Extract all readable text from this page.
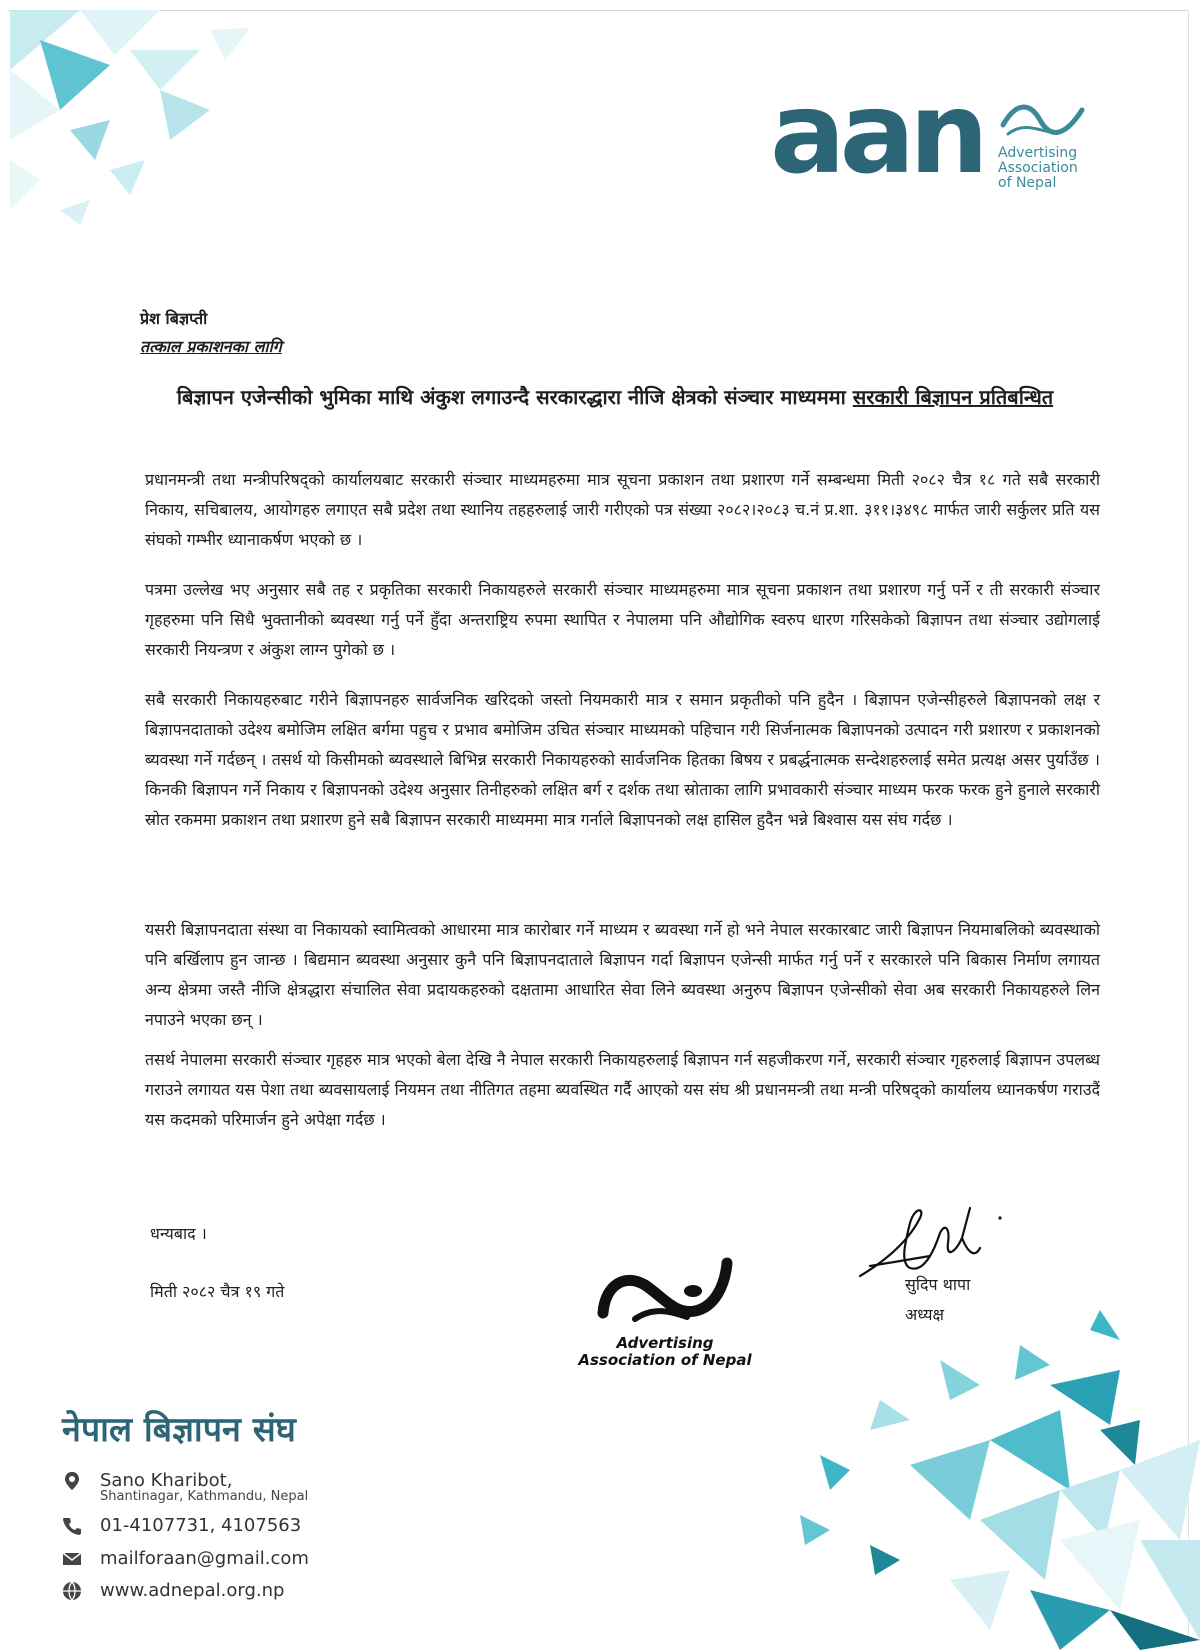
aan Advertising
Association
of Nepal
प्रेश बिज्ञप्ती
तत्काल प्रकाशनका लागि
बिज्ञापन एजेन्सीको भुमिका माथि अंकुश लगाउन्दै सरकारद्धारा नीजि क्षेत्रको संञ्चार माध्यममा सरकारी बिज्ञापन प्रतिबन्धित

प्रधानमन्त्री तथा मन्त्रीपरिषद्को कार्यालयबाट सरकारी संञ्चार माध्यमहरुमा मात्र सूचना प्रकाशन तथा प्रशारण गर्ने सम्बन्धमा मिती २०८२ चैत्र १८ गते सबै सरकारी निकाय, सचिबालय, आयोगहरु लगाएत सबै प्रदेश तथा स्थानिय तहहरुलाई जारी गरीएको पत्र संख्या २०८२।२०८३ च.नं प्र.शा. ३११।३४९८ मार्फत जारी सर्कुलर प्रति यस संघको गम्भीर ध्यानाकर्षण भएको छ ।

पत्रमा उल्लेख भए अनुसार सबै तह र प्रकृतिका सरकारी निकायहरुले सरकारी संञ्चार माध्यमहरुमा मात्र सूचना प्रकाशन तथा प्रशारण गर्नु पर्ने र ती सरकारी संञ्चार गृहहरुमा पनि सिधै भुक्तानीको ब्यवस्था गर्नु पर्ने हुँदा अन्तराष्ट्रिय रुपमा स्थापित र नेपालमा पनि औद्योगिक स्वरुप धारण गरिसकेको बिज्ञापन तथा संञ्चार उद्योगलाई सरकारी नियन्त्रण र अंकुश लाग्न पुगेको छ ।

सबै सरकारी निकायहरुबाट गरीने बिज्ञापनहरु सार्वजनिक खरिदको जस्तो नियमकारी मात्र र समान प्रकृतीको पनि हुदैन । बिज्ञापन एजेन्सीहरुले बिज्ञापनको लक्ष र बिज्ञापनदाताको उदेश्य बमोजिम लक्षित बर्गमा पहुच र प्रभाव बमोजिम उचित संञ्चार माध्यमको पहिचान गरी सिर्जनात्मक बिज्ञापनको उत्पादन गरी प्रशारण र प्रकाशनको ब्यवस्था गर्ने गर्दछन् । तसर्थ यो किसीमको ब्यवस्थाले बिभिन्न सरकारी निकायहरुको सार्वजनिक हितका बिषय र प्रबर्द्धनात्मक सन्देशहरुलाई समेत प्रत्यक्ष असर पुर्याउँछ । किनकी बिज्ञापन गर्ने निकाय र बिज्ञापनको उदेश्य अनुसार तिनीहरुको लक्षित बर्ग र दर्शक तथा स्रोताका लागि प्रभावकारी संञ्चार माध्यम फरक फरक हुने हुनाले सरकारी स्रोत रकममा प्रकाशन तथा प्रशारण हुने सबै बिज्ञापन सरकारी माध्यममा मात्र गर्नाले बिज्ञापनको लक्ष हासिल हुदैन भन्ने बिश्वास यस संघ गर्दछ ।

यसरी बिज्ञापनदाता संस्था वा निकायको स्वामित्वको आधारमा मात्र कारोबार गर्ने माध्यम र ब्यवस्था गर्ने हो भने नेपाल सरकारबाट जारी बिज्ञापन नियमाबलिको ब्यवस्थाको पनि बर्खिलाप हुन जान्छ । बिद्यमान ब्यवस्था अनुसार कुनै पनि बिज्ञापनदाताले बिज्ञापन गर्दा बिज्ञापन एजेन्सी मार्फत गर्नु पर्ने र सरकारले पनि बिकास निर्माण लगायत अन्य क्षेत्रमा जस्तै नीजि क्षेत्रद्धारा संचालित सेवा प्रदायकहरुको दक्षतामा आधारित सेवा लिने ब्यवस्था अनुरुप बिज्ञापन एजेन्सीको सेवा अब सरकारी निकायहरुले लिन नपाउने भएका छन् ।

तसर्थ नेपालमा सरकारी संञ्चार गृहहरु मात्र भएको बेला देखि नै नेपाल सरकारी निकायहरुलाई बिज्ञापन गर्न सहजीकरण गर्ने, सरकारी संञ्चार गृहरुलाई बिज्ञापन उपलब्ध गराउने लगायत यस पेशा तथा ब्यवसायलाई नियमन तथा नीतिगत तहमा ब्यवस्थित गर्दै आएको यस संघ श्री प्रधानमन्त्री तथा मन्त्री परिषद्को कार्यालय ध्यानकर्षण गराउदैं यस कदमको परिमार्जन हुने अपेक्षा गर्दछ ।

धन्यबाद ।
मिती २०८२ चैत्र १९ गते	सुदिप थापा
अध्यक्ष
Advertising
Association of Nepal
नेपाल बिज्ञापन संघ
Sano Kharibot,
Shantinagar, Kathmandu, Nepal
01-4107731, 4107563
mailforaan@gmail.com
www.adnepal.org.np
